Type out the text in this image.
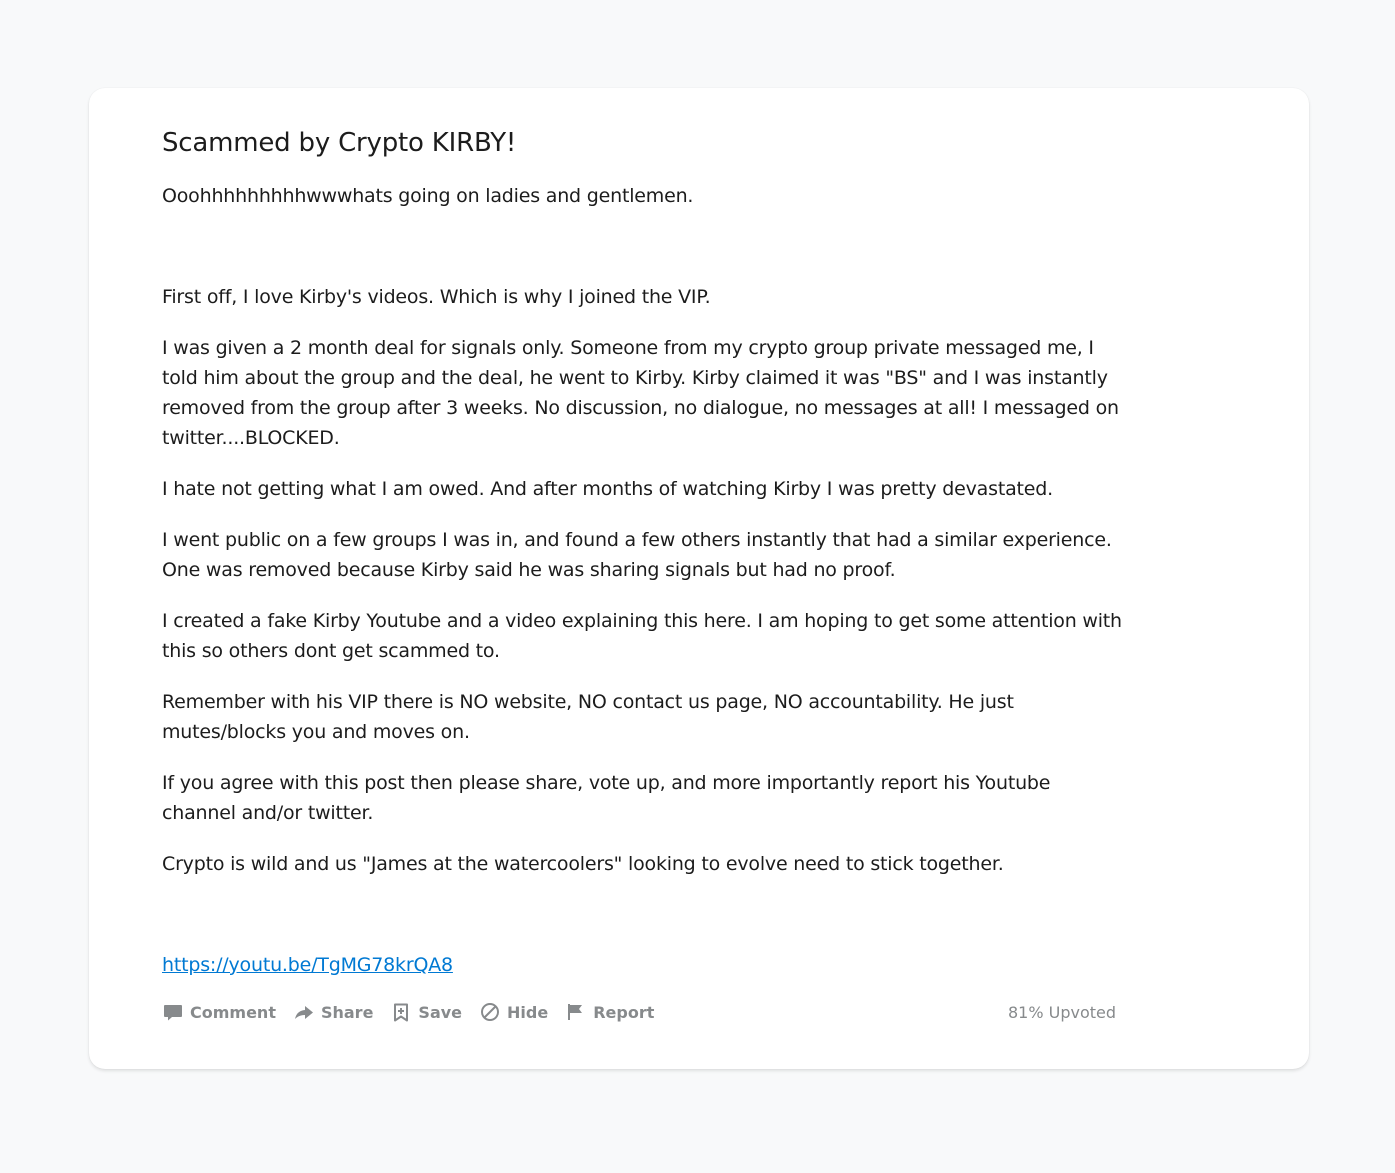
Scammed by Crypto KIRBY!

Ooohhhhhhhhhwwwhats going on ladies and gentlemen.

First off, I love Kirby's videos. Which is why I joined the VIP.

I was given a 2 month deal for signals only. Someone from my crypto group private messaged me, I told him about the group and the deal, he went to Kirby. Kirby claimed it was "BS" and I was instantly removed from the group after 3 weeks. No discussion, no dialogue, no messages at all! I messaged on twitter....BLOCKED.

I hate not getting what I am owed. And after months of watching Kirby I was pretty devastated.

I went public on a few groups I was in, and found a few others instantly that had a similar experience. One was removed because Kirby said he was sharing signals but had no proof.

I created a fake Kirby Youtube and a video explaining this here. I am hoping to get some attention with this so others dont get scammed to.

Remember with his VIP there is NO website, NO contact us page, NO accountability. He just mutes/blocks you and moves on.

If you agree with this post then please share, vote up, and more importantly report his Youtube channel and/or twitter.

Crypto is wild and us "James at the watercoolers" looking to evolve need to stick together.

https://youtu.be/TgMG78krQA8
Comment	Share	Save	Hide	Report	81% Upvoted
